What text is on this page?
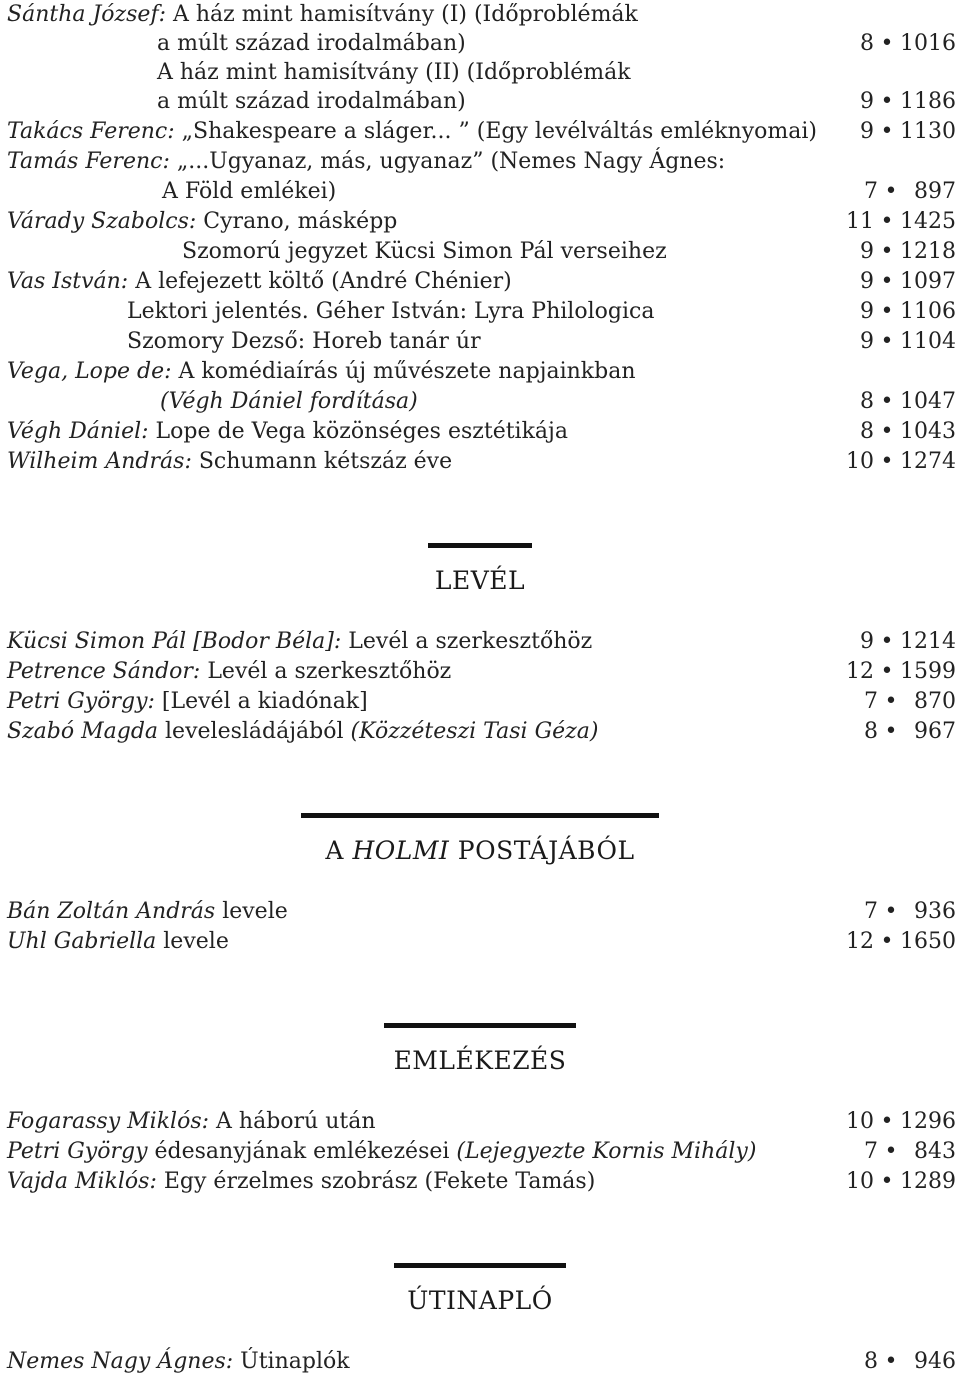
Sántha József: A ház mint hamisítvány (I) (Időproblémák
a múlt század irodalmában)	8 • 1016
A ház mint hamisítvány (II) (Időproblémák
a múlt század irodalmában)	9 • 1186
Takács Ferenc: „Shakespeare a sláger... ” (Egy levélváltás emléknyomai)	9 • 1130
Tamás Ferenc: „...Ugyanaz, más, ugyanaz” (Nemes Nagy Ágnes:
A Föld emlékei)	7 • 897
Várady Szabolcs: Cyrano, másképp	11 • 1425
Szomorú jegyzet Kücsi Simon Pál verseihez	9 • 1218
Vas István: A lefejezett költő (André Chénier)	9 • 1097
Lektori jelentés. Géher István: Lyra Philologica	9 • 1106
Szomory Dezső: Horeb tanár úr	9 • 1104
Vega, Lope de: A komédiaírás új művészete napjainkban
(Végh Dániel fordítása)	8 • 1047
Végh Dániel: Lope de Vega közönséges esztétikája	8 • 1043
Wilheim András: Schumann kétszáz éve	10 • 1274
LEVÉL
Kücsi Simon Pál [Bodor Béla]: Levél a szerkesztőhöz	9 • 1214
Petrence Sándor: Levél a szerkesztőhöz	12 • 1599
Petri György: [Levél a kiadónak]	7 • 870
Szabó Magda levelesládájából (Közzéteszi Tasi Géza)	8 • 967
A HOLMI POSTÁJÁBÓL
Bán Zoltán András levele	7 • 936
Uhl Gabriella levele	12 • 1650
EMLÉKEZÉS
Fogarassy Miklós: A háború után	10 • 1296
Petri György édesanyjának emlékezései (Lejegyezte Kornis Mihály)	7 • 843
Vajda Miklós: Egy érzelmes szobrász (Fekete Tamás)	10 • 1289
ÚTINAPLÓ
Nemes Nagy Ágnes: Útinaplók	8 • 946
